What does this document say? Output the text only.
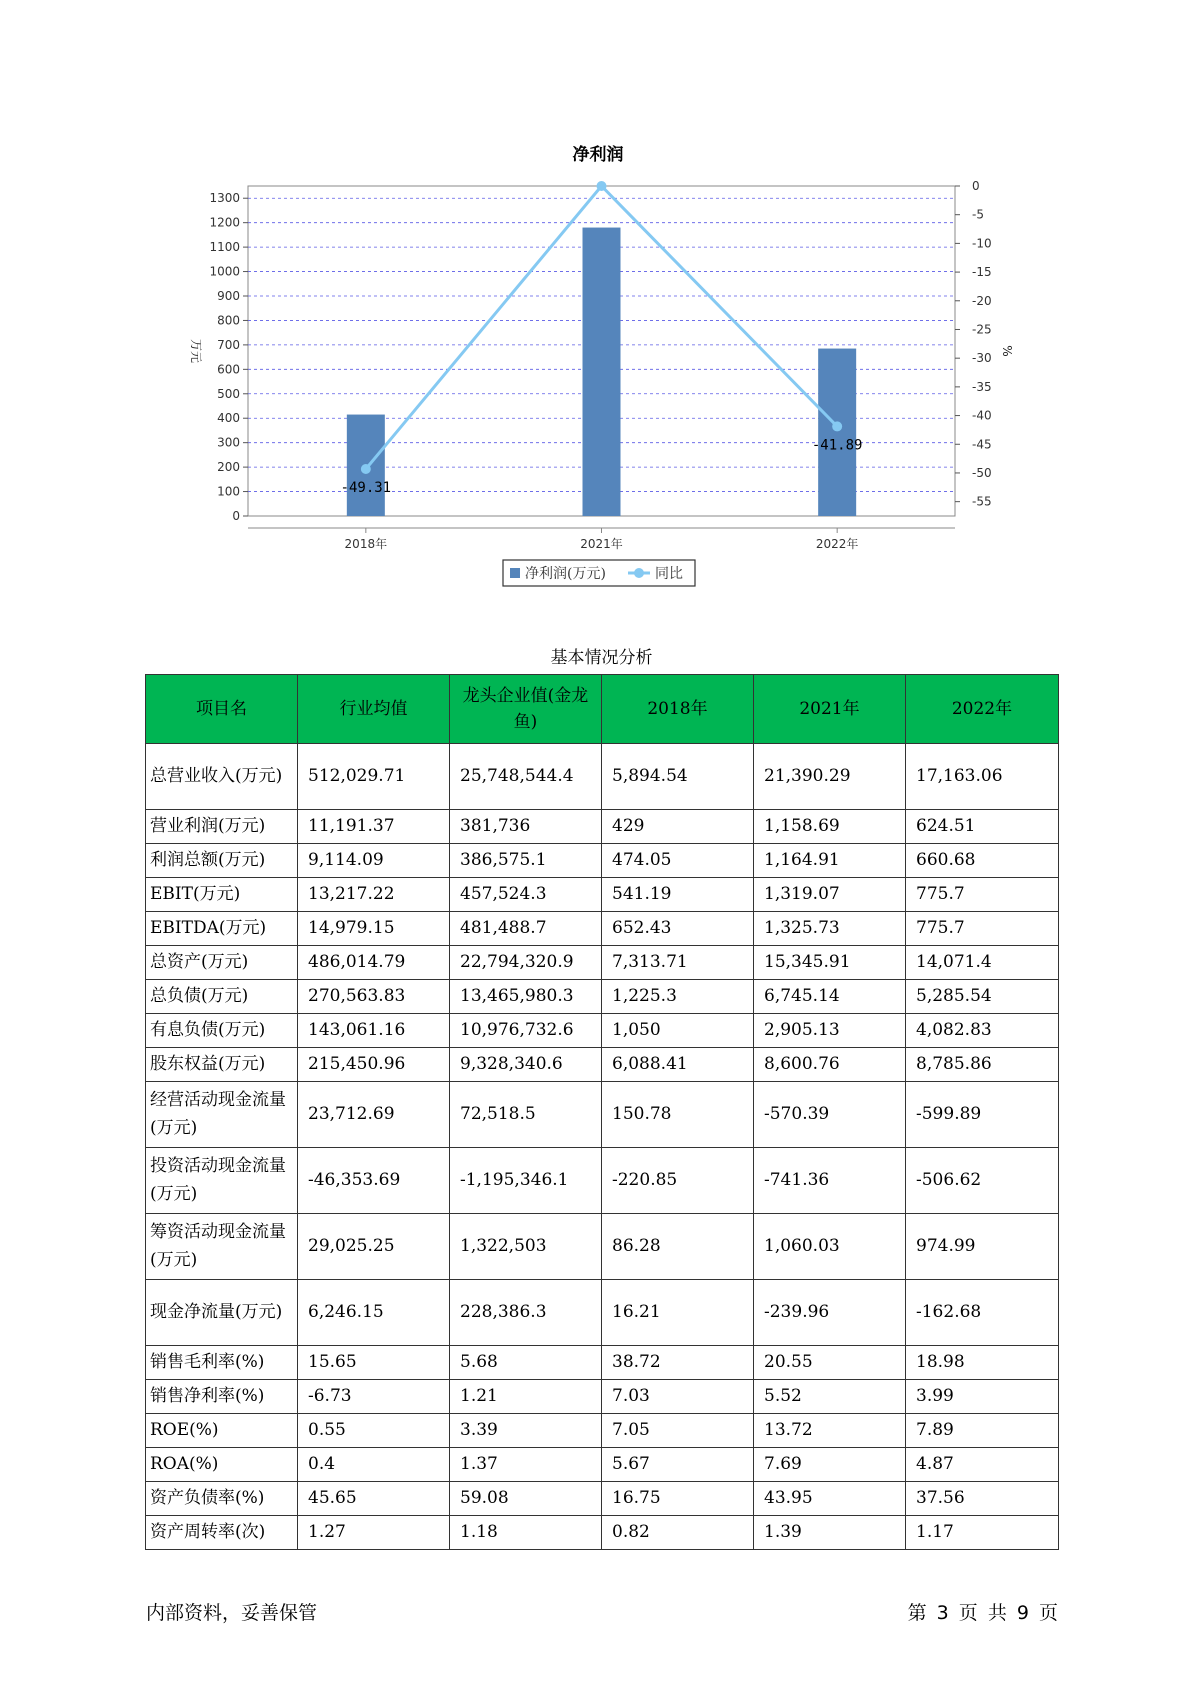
净利润
0
100
200
300
400
500
600
700
800
900
1000
1100
1200
1300
0
-5
-10
-15
-20
-25
-30
-35
-40
-45
-50
-55
2018年	2021年	2022年
万元	%
-49.31
-41.89
净利润(万元)	同比
基本情况分析
项目名	行业均值	龙头企业值(金龙鱼)	2018年	2021年	2022年
总营业收入(万元)	512,029.71	25,748,544.4	5,894.54	21,390.29	17,163.06
营业利润(万元)	11,191.37	381,736	429	1,158.69	624.51
利润总额(万元)	9,114.09	386,575.1	474.05	1,164.91	660.68
EBIT(万元)	13,217.22	457,524.3	541.19	1,319.07	775.7
EBITDA(万元)	14,979.15	481,488.7	652.43	1,325.73	775.7
总资产(万元)	486,014.79	22,794,320.9	7,313.71	15,345.91	14,071.4
总负债(万元)	270,563.83	13,465,980.3	1,225.3	6,745.14	5,285.54
有息负债(万元)	143,061.16	10,976,732.6	1,050	2,905.13	4,082.83
股东权益(万元)	215,450.96	9,328,340.6	6,088.41	8,600.76	8,785.86
经营活动现金流量(万元)	23,712.69	72,518.5	150.78	-570.39	-599.89
投资活动现金流量(万元)	-46,353.69	-1,195,346.1	-220.85	-741.36	-506.62
筹资活动现金流量(万元)	29,025.25	1,322,503	86.28	1,060.03	974.99
现金净流量(万元)	6,246.15	228,386.3	16.21	-239.96	-162.68
销售毛利率(%)	15.65	5.68	38.72	20.55	18.98
销售净利率(%)	-6.73	1.21	7.03	5.52	3.99
ROE(%)	0.55	3.39	7.05	13.72	7.89
ROA(%)	0.4	1.37	5.67	7.69	4.87
资产负债率(%)	45.65	59.08	16.75	43.95	37.56
资产周转率(次)	1.27	1.18	0.82	1.39	1.17
内部资料，妥善保管	第 3 页 共 9 页
